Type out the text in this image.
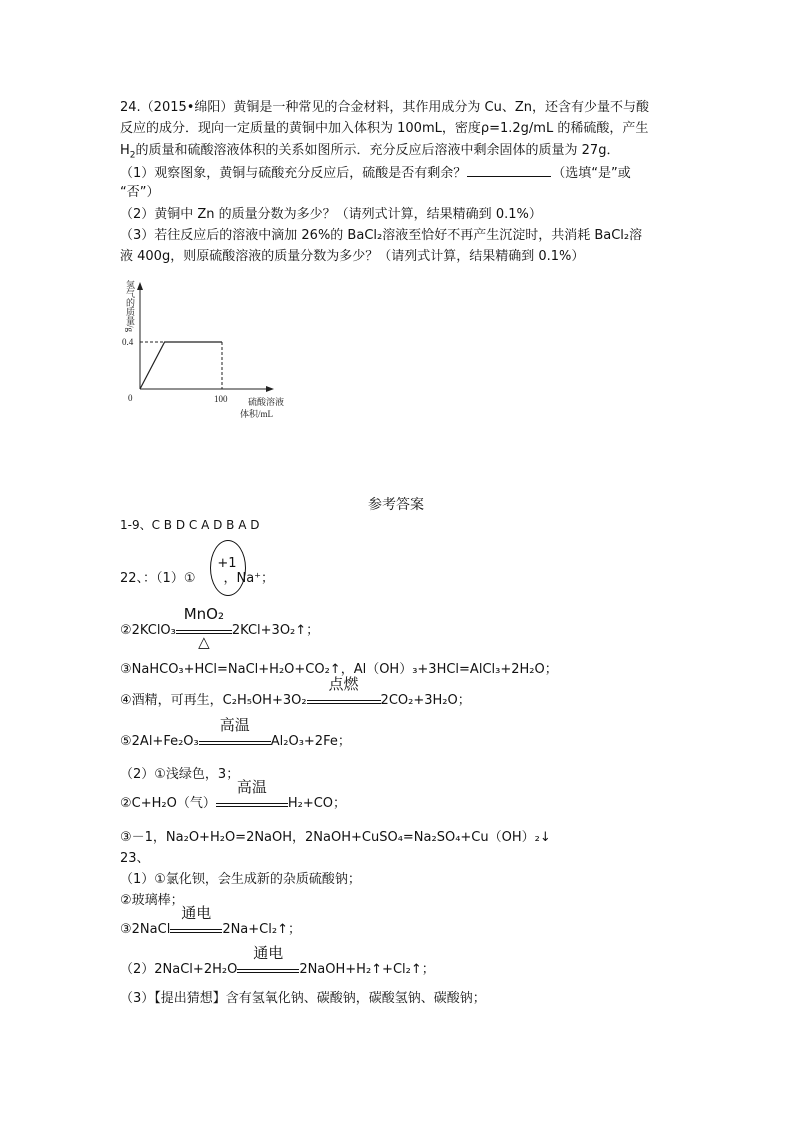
24.（2015•绵阳）黄铜是一种常见的合金材料，其作用成分为 Cu、Zn，还含有少量不与酸
反应的成分．现向一定质量的黄铜中加入体积为 100mL，密度ρ=1.2g/mL 的稀硫酸，产生
$H_2$的质量和硫酸溶液体积的关系如图所示．充分反应后溶液中剩余固体的质量为 27g．
（1）观察图象，黄铜与硫酸充分反应后，硫酸是否有剩余？	（选填“是”或
“否”）
（2）黄铜中 Zn 的质量分数为多少？（请列式计算，结果精确到 0.1%）
（3）若往反应后的溶液中滴加 26%的 BaCl₂溶液至恰好不再产生沉淀时，共消耗 BaCl₂溶
液 400g，则原硫酸溶液的质量分数为多少？（请列式计算，结果精确到 0.1%）
氢气的质量/g
0.4
100
0	硫酸溶液
体积/mL
参考答案
1-9、C B D C A D B A D
22、：（1）① ，Na⁺；
+1
②2KClO₃
MnO₂
△
2KCl+3O₂↑；
③NaHCO₃+HCl=NaCl+H₂O+CO₂↑，Al（OH）₃+3HCl=AlCl₃+2H₂O；
④酒精，可再生，C₂H₅OH+3O₂
点燃
2CO₂+3H₂O；
⑤2Al+Fe₂O₃
高温
Al₂O₃+2Fe；
（2）①浅绿色，3；
②C+H₂O（气）
高温
H₂+CO；
③－1，Na₂O+H₂O=2NaOH，2NaOH+CuSO₄=Na₂SO₄+Cu（OH）₂↓
23、
（1）①氯化钡，会生成新的杂质硫酸钠；
②玻璃棒；
③2NaCl
通电
2Na+Cl₂↑；
（2）2NaCl+2H₂O
通电
2NaOH+H₂↑+Cl₂↑；
（3）【提出猜想】含有氢氧化钠、碳酸钠，碳酸氢钠、碳酸钠；
